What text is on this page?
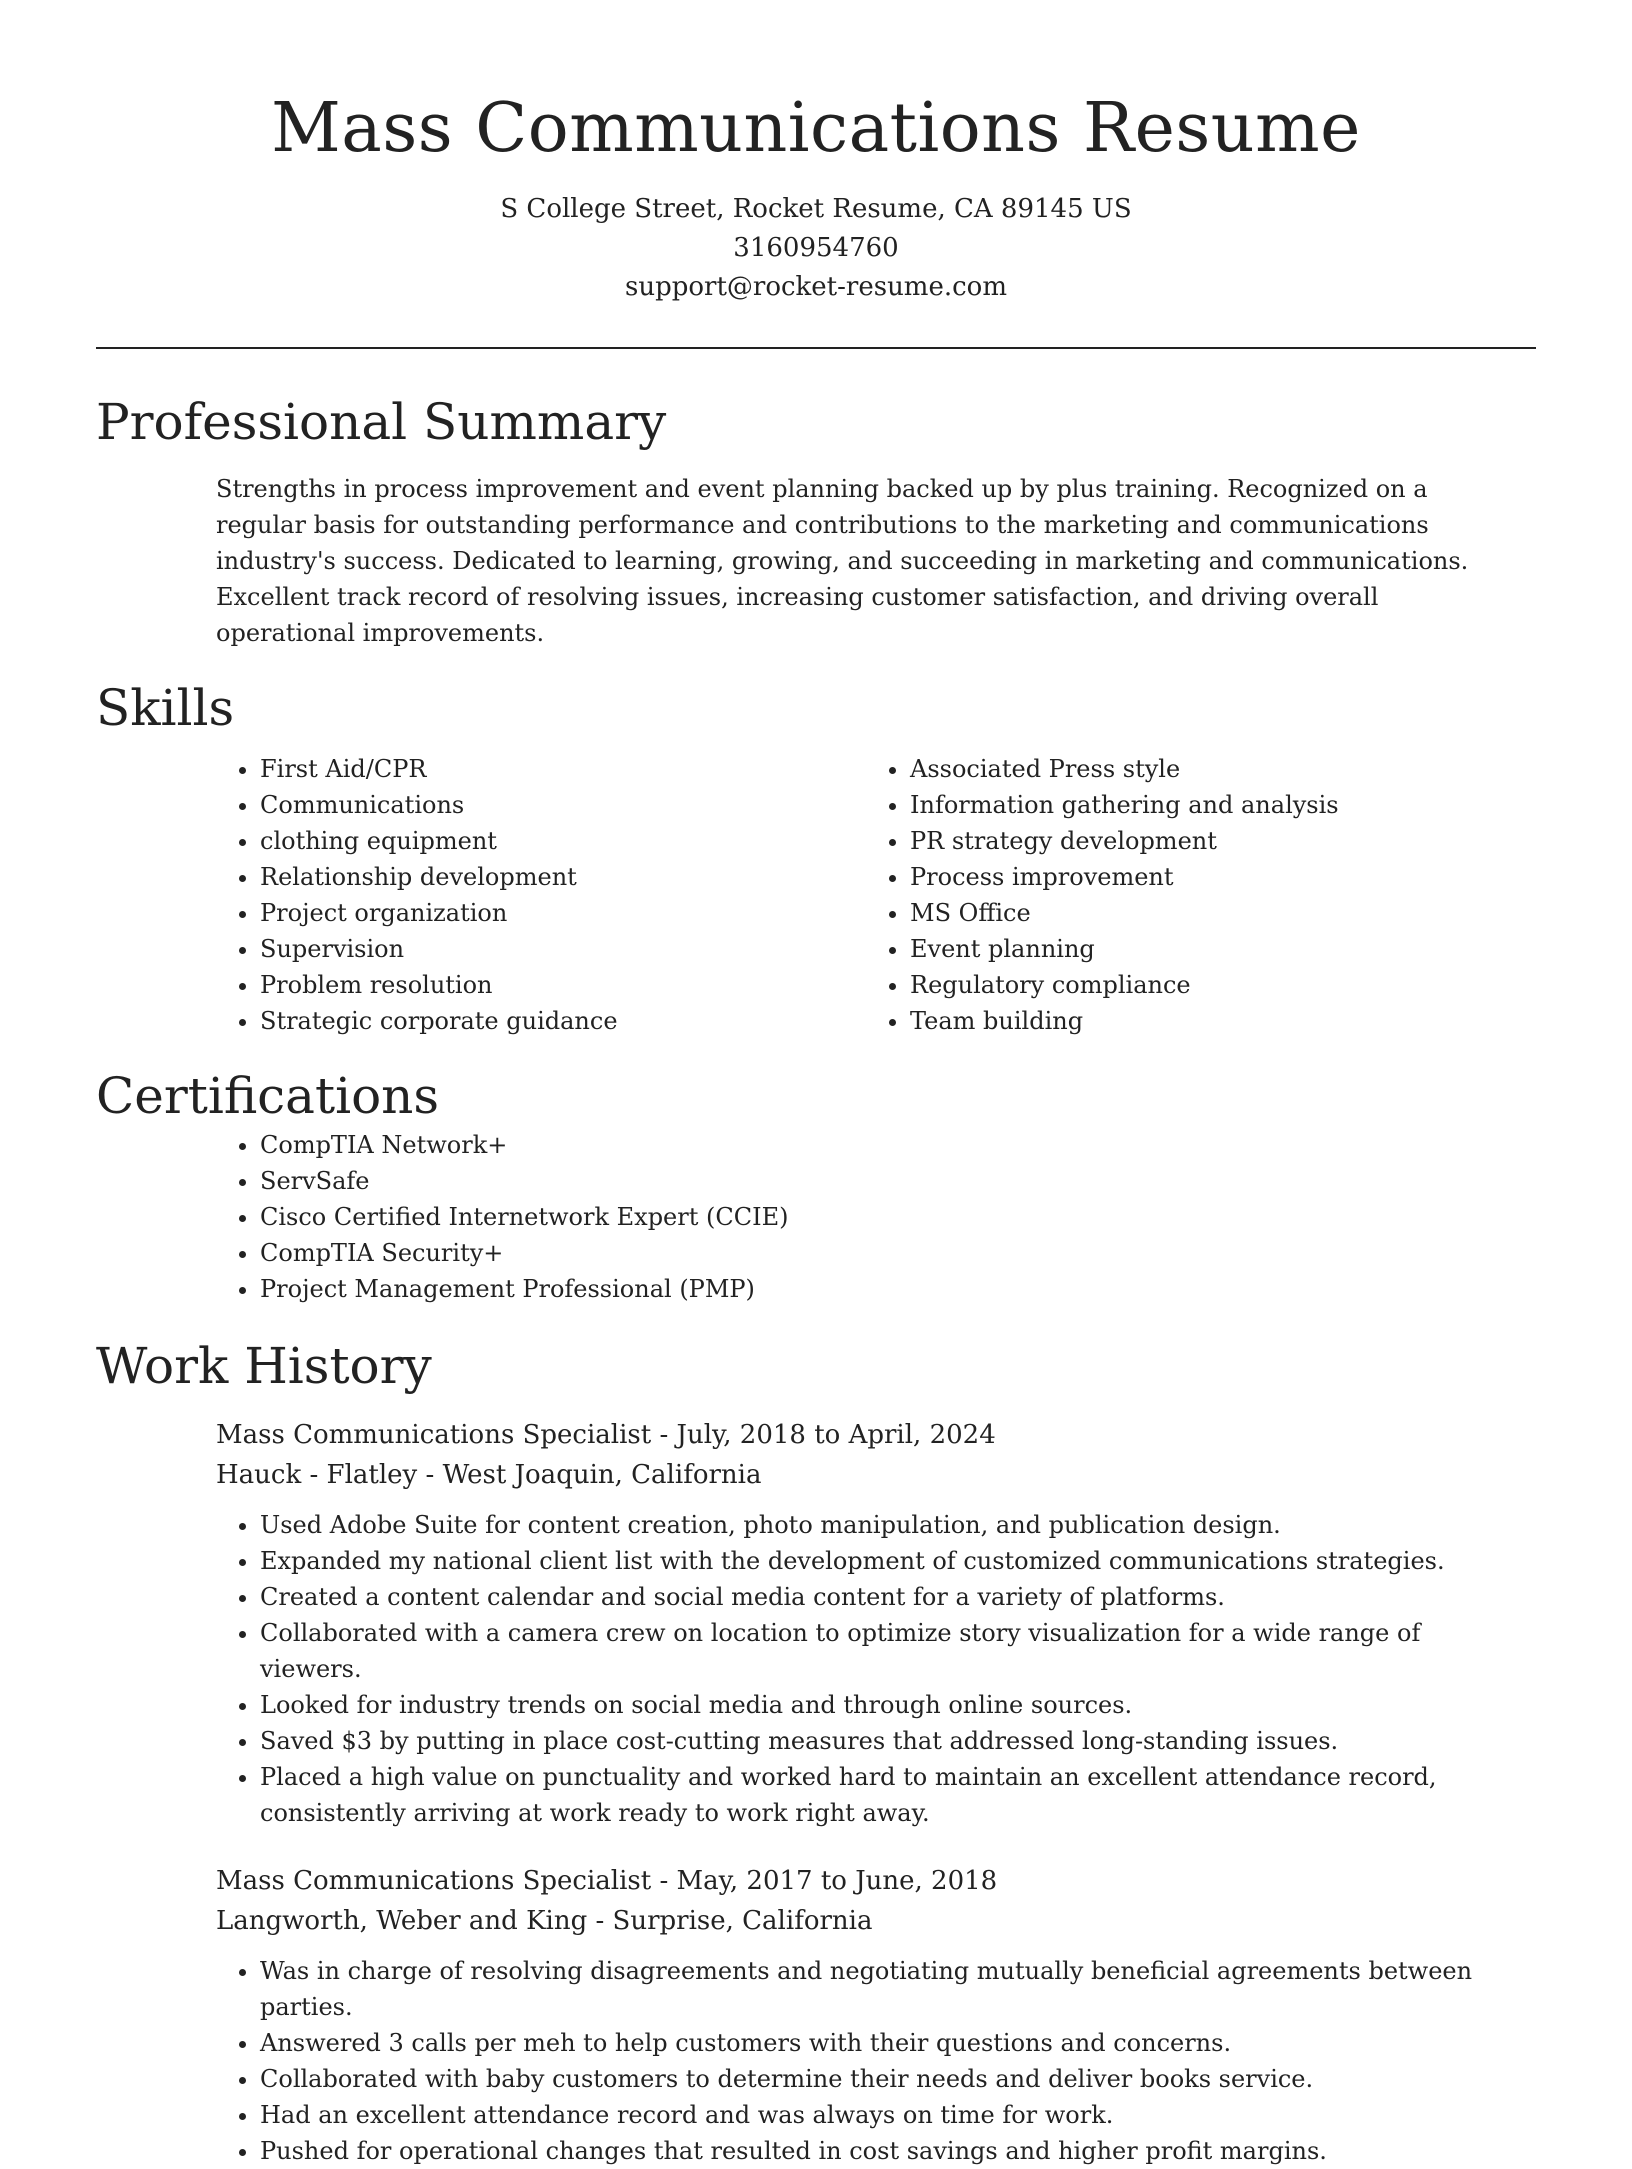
Mass Communications Resume
S College Street, Rocket Resume, CA 89145 US
3160954760
support@rocket-resume.com
Professional Summary

Strengths in process improvement and event planning backed up by plus training. Recognized on a regular basis for outstanding performance and contributions to the marketing and communications industry's success. Dedicated to learning, growing, and succeeding in marketing and communications. Excellent track record of resolving issues, increasing customer satisfaction, and driving overall operational improvements.

Skills
• First Aid/CPR
• Communications
• clothing equipment
• Relationship development
• Project organization
• Supervision
• Problem resolution
• Strategic corporate guidance
• Associated Press style
• Information gathering and analysis
• PR strategy development
• Process improvement
• MS Office
• Event planning
• Regulatory compliance
• Team building
Certifications
• CompTIA Network+
• ServSafe
• Cisco Certified Internetwork Expert (CCIE)
• CompTIA Security+
• Project Management Professional (PMP)
Work History
Mass Communications Specialist - July, 2018 to April, 2024
Hauck - Flatley - West Joaquin, California
• Used Adobe Suite for content creation, photo manipulation, and publication design.
• Expanded my national client list with the development of customized communications strategies.
• Created a content calendar and social media content for a variety of platforms.
• Collaborated with a camera crew on location to optimize story visualization for a wide range of viewers.
• Looked for industry trends on social media and through online sources.
• Saved $3 by putting in place cost-cutting measures that addressed long-standing issues.
• Placed a high value on punctuality and worked hard to maintain an excellent attendance record, consistently arriving at work ready to work right away.
Mass Communications Specialist - May, 2017 to June, 2018
Langworth, Weber and King - Surprise, California
• Was in charge of resolving disagreements and negotiating mutually beneficial agreements between parties.
• Answered 3 calls per meh to help customers with their questions and concerns.
• Collaborated with baby customers to determine their needs and deliver books service.
• Had an excellent attendance record and was always on time for work.
• Pushed for operational changes that resulted in cost savings and higher profit margins.
